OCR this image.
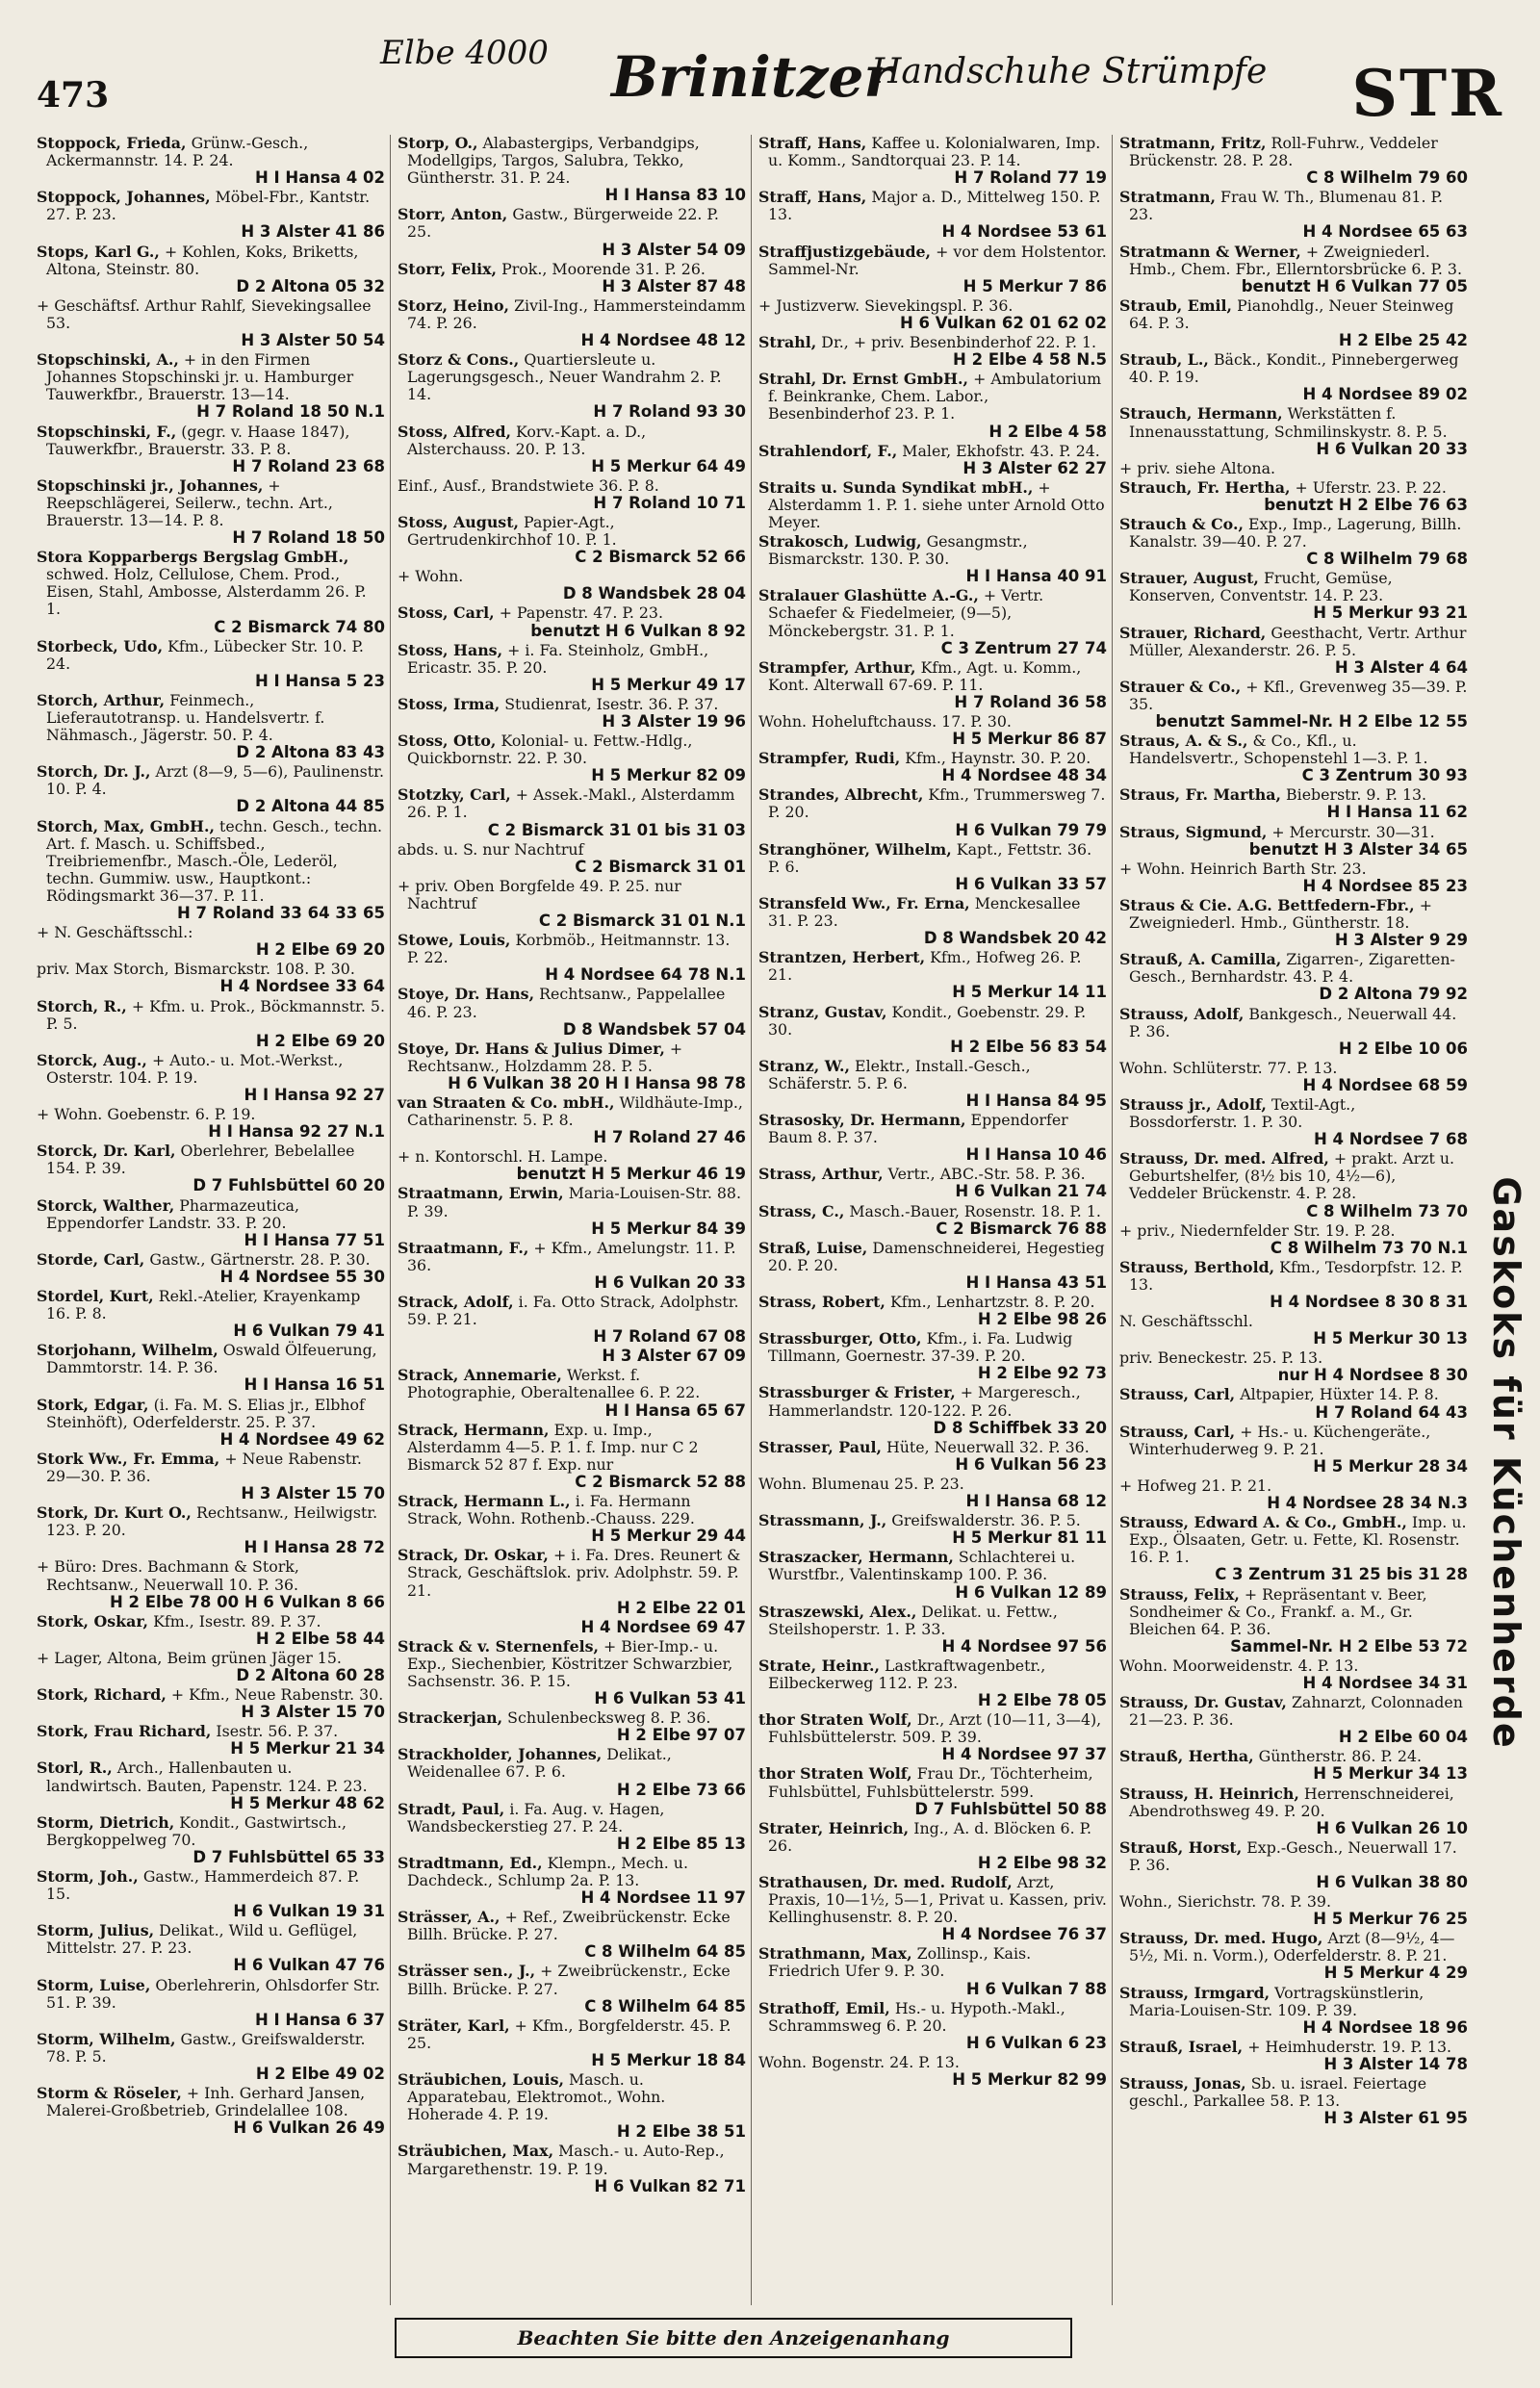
473
Elbe 4000 Brinitzer
Handschuhe Strümpfe STR
Stoppock, Frieda, Grünw.-Gesch., Ackermannstr. 14. P. 24.
H I Hansa 4 02
Stoppock, Johannes, Möbel-Fbr., Kantstr. 27. P. 23.
H 3 Alster 41 86
Stops, Karl G., + Kohlen, Koks, Briketts, Altona, Steinstr. 80.
D 2 Altona 05 32
+ Geschäftsf. Arthur Rahlf, Sievekingsallee 53.
H 3 Alster 50 54
Stopschinski, A., + in den Firmen Johannes Stopschinski jr. u. Hamburger Tauwerkfbr., Brauerstr. 13—14.
H 7 Roland 18 50 N.1
Stopschinski, F., (gegr. v. Haase 1847), Tauwerkfbr., Brauerstr. 33. P. 8.
H 7 Roland 23 68
Stopschinski jr., Johannes, + Reepschlägerei, Seilerw., techn. Art., Brauerstr. 13—14. P. 8.
H 7 Roland 18 50
Stora Kopparbergs Bergslag GmbH., schwed. Holz, Cellulose, Chem. Prod., Eisen, Stahl, Ambosse, Alsterdamm 26. P. 1.
C 2 Bismarck 74 80
Storbeck, Udo, Kfm., Lübecker Str. 10. P. 24.
H I Hansa 5 23
Storch, Arthur, Feinmech., Lieferautotransp. u. Handelsvertr. f. Nähmasch., Jägerstr. 50. P. 4.
D 2 Altona 83 43
Storch, Dr. J., Arzt (8—9, 5—6), Paulinenstr. 10. P. 4.
D 2 Altona 44 85
Storch, Max, GmbH., techn. Gesch., techn. Art. f. Masch. u. Schiffsbed., Treibriemenfbr., Masch.-Öle, Lederöl, techn. Gummiw. usw., Hauptkont.: Rödingsmarkt 36—37. P. 11.
H 7 Roland 33 64 33 65
+ N. Geschäftsschl.:
H 2 Elbe 69 20
priv. Max Storch, Bismarckstr. 108. P. 30.
H 4 Nordsee 33 64
Storch, R., + Kfm. u. Prok., Böckmannstr. 5. P. 5.
H 2 Elbe 69 20
Storck, Aug., + Auto.- u. Mot.-Werkst., Osterstr. 104. P. 19.
H I Hansa 92 27
+ Wohn. Goebenstr. 6. P. 19.
H I Hansa 92 27 N.1
Storck, Dr. Karl, Oberlehrer, Bebelallee 154. P. 39.
D 7 Fuhlsbüttel 60 20
Storck, Walther, Pharmazeutica, Eppendorfer Landstr. 33. P. 20.
H I Hansa 77 51
Storde, Carl, Gastw., Gärtnerstr. 28. P. 30.
H 4 Nordsee 55 30
Stordel, Kurt, Rekl.-Atelier, Krayenkamp 16. P. 8.
H 6 Vulkan 79 41
Storjohann, Wilhelm, Oswald Ölfeuerung, Dammtorstr. 14. P. 36.
H I Hansa 16 51
Stork, Edgar, (i. Fa. M. S. Elias jr., Elbhof Steinhöft), Oderfelderstr. 25. P. 37.
H 4 Nordsee 49 62
Stork Ww., Fr. Emma, + Neue Rabenstr. 29—30. P. 36.
H 3 Alster 15 70
Stork, Dr. Kurt O., Rechtsanw., Heilwigstr. 123. P. 20.
H I Hansa 28 72
+ Büro: Dres. Bachmann & Stork, Rechtsanw., Neuerwall 10. P. 36.
H 2 Elbe 78 00 H 6 Vulkan 8 66
Stork, Oskar, Kfm., Isestr. 89. P. 37.
H 2 Elbe 58 44
+ Lager, Altona, Beim grünen Jäger 15.
D 2 Altona 60 28
Stork, Richard, + Kfm., Neue Rabenstr. 30.
H 3 Alster 15 70
Stork, Frau Richard, Isestr. 56. P. 37.
H 5 Merkur 21 34
Storl, R., Arch., Hallenbauten u. landwirtsch. Bauten, Papenstr. 124. P. 23.
H 5 Merkur 48 62
Storm, Dietrich, Kondit., Gastwirtsch., Bergkoppelweg 70.
D 7 Fuhlsbüttel 65 33
Storm, Joh., Gastw., Hammerdeich 87. P. 15.
H 6 Vulkan 19 31
Storm, Julius, Delikat., Wild u. Geflügel, Mittelstr. 27. P. 23.
H 6 Vulkan 47 76
Storm, Luise, Oberlehrerin, Ohlsdorfer Str. 51. P. 39.
H I Hansa 6 37
Storm, Wilhelm, Gastw., Greifswalderstr. 78. P. 5.
H 2 Elbe 49 02
Storm & Röseler, + Inh. Gerhard Jansen, Malerei-Großbetrieb, Grindelallee 108.
H 6 Vulkan 26 49
Storp, O., Alabastergips, Verbandgips, Modellgips, Targos, Salubra, Tekko, Güntherstr. 31. P. 24.
H I Hansa 83 10
Storr, Anton, Gastw., Bürgerweide 22. P. 25.
H 3 Alster 54 09
Storr, Felix, Prok., Moorende 31. P. 26.
H 3 Alster 87 48
Storz, Heino, Zivil-Ing., Hammersteindamm 74. P. 26.
H 4 Nordsee 48 12
Storz & Cons., Quartiersleute u. Lagerungsgesch., Neuer Wandrahm 2. P. 14.
H 7 Roland 93 30
Stoss, Alfred, Korv.-Kapt. a. D., Alsterchauss. 20. P. 13.
H 5 Merkur 64 49
Einf., Ausf., Brandstwiete 36. P. 8.
H 7 Roland 10 71
Stoss, August, Papier-Agt., Gertrudenkirchhof 10. P. 1.
C 2 Bismarck 52 66
+ Wohn.
D 8 Wandsbek 28 04
Stoss, Carl, + Papenstr. 47. P. 23.
benutzt H 6 Vulkan 8 92
Stoss, Hans, + i. Fa. Steinholz, GmbH., Ericastr. 35. P. 20.
H 5 Merkur 49 17
Stoss, Irma, Studienrat, Isestr. 36. P. 37.
H 3 Alster 19 96
Stoss, Otto, Kolonial- u. Fettw.-Hdlg., Quickbornstr. 22. P. 30.
H 5 Merkur 82 09
Stotzky, Carl, + Assek.-Makl., Alsterdamm 26. P. 1.
C 2 Bismarck 31 01 bis 31 03
abds. u. S. nur Nachtruf
C 2 Bismarck 31 01
+ priv. Oben Borgfelde 49. P. 25. nur Nachtruf
C 2 Bismarck 31 01 N.1
Stowe, Louis, Korbmöb., Heitmannstr. 13. P. 22.
H 4 Nordsee 64 78 N.1
Stoye, Dr. Hans, Rechtsanw., Pappelallee 46. P. 23.
D 8 Wandsbek 57 04
Stoye, Dr. Hans & Julius Dimer, + Rechtsanw., Holzdamm 28. P. 5.
H 6 Vulkan 38 20 H I Hansa 98 78
van Straaten & Co. mbH., Wildhäute-Imp., Catharinenstr. 5. P. 8.
H 7 Roland 27 46
+ n. Kontorschl. H. Lampe.
benutzt H 5 Merkur 46 19
Straatmann, Erwin, Maria-Louisen-Str. 88. P. 39.
H 5 Merkur 84 39
Straatmann, F., + Kfm., Amelungstr. 11. P. 36.
H 6 Vulkan 20 33
Strack, Adolf, i. Fa. Otto Strack, Adolphstr. 59. P. 21.
H 7 Roland 67 08
H 3 Alster 67 09
Strack, Annemarie, Werkst. f. Photographie, Oberaltenallee 6. P. 22.
H I Hansa 65 67
Strack, Hermann, Exp. u. Imp., Alsterdamm 4—5. P. 1. f. Imp. nur C 2 Bismarck 52 87 f. Exp. nur
C 2 Bismarck 52 88
Strack, Hermann L., i. Fa. Hermann Strack, Wohn. Rothenb.-Chauss. 229.
H 5 Merkur 29 44
Strack, Dr. Oskar, + i. Fa. Dres. Reunert & Strack, Geschäftslok. priv. Adolphstr. 59. P. 21.
H 2 Elbe 22 01
H 4 Nordsee 69 47
Strack & v. Sternenfels, + Bier-Imp.- u. Exp., Siechenbier, Köstritzer Schwarzbier, Sachsenstr. 36. P. 15.
H 6 Vulkan 53 41
Strackerjan, Schulenbecksweg 8. P. 36.
H 2 Elbe 97 07
Strackholder, Johannes, Delikat., Weidenallee 67. P. 6.
H 2 Elbe 73 66
Stradt, Paul, i. Fa. Aug. v. Hagen, Wandsbeckerstieg 27. P. 24.
H 2 Elbe 85 13
Stradtmann, Ed., Klempn., Mech. u. Dachdeck., Schlump 2a. P. 13.
H 4 Nordsee 11 97
Strässer, A., + Ref., Zweibrückenstr. Ecke Billh. Brücke. P. 27.
C 8 Wilhelm 64 85
Strässer sen., J., + Zweibrückenstr., Ecke Billh. Brücke. P. 27.
C 8 Wilhelm 64 85
Sträter, Karl, + Kfm., Borgfelderstr. 45. P. 25.
H 5 Merkur 18 84
Sträubichen, Louis, Masch. u. Apparatebau, Elektromot., Wohn. Hoherade 4. P. 19.
H 2 Elbe 38 51
Sträubichen, Max, Masch.- u. Auto-Rep., Margarethenstr. 19. P. 19.
H 6 Vulkan 82 71
Straff, Hans, Kaffee u. Kolonialwaren, Imp. u. Komm., Sandtorquai 23. P. 14.
H 7 Roland 77 19
Straff, Hans, Major a. D., Mittelweg 150. P. 13.
H 4 Nordsee 53 61
Straffjustizgebäude, + vor dem Holstentor. Sammel-Nr.
H 5 Merkur 7 86
+ Justizverw. Sievekingspl. P. 36.
H 6 Vulkan 62 01 62 02
Strahl, Dr., + priv. Besenbinderhof 22. P. 1.
H 2 Elbe 4 58 N.5
Strahl, Dr. Ernst GmbH., + Ambulatorium f. Beinkranke, Chem. Labor., Besenbinderhof 23. P. 1.
H 2 Elbe 4 58
Strahlendorf, F., Maler, Ekhofstr. 43. P. 24.
H 3 Alster 62 27
Straits u. Sunda Syndikat mbH., + Alsterdamm 1. P. 1. siehe unter Arnold Otto Meyer.
Strakosch, Ludwig, Gesangmstr., Bismarckstr. 130. P. 30.
H I Hansa 40 91
Stralauer Glashütte A.-G., + Vertr. Schaefer & Fiedelmeier, (9—5), Mönckebergstr. 31. P. 1.
C 3 Zentrum 27 74
Strampfer, Arthur, Kfm., Agt. u. Komm., Kont. Alterwall 67-69. P. 11.
H 7 Roland 36 58
Wohn. Hoheluftchauss. 17. P. 30.
H 5 Merkur 86 87
Strampfer, Rudi, Kfm., Haynstr. 30. P. 20.
H 4 Nordsee 48 34
Strandes, Albrecht, Kfm., Trummersweg 7. P. 20.
H 6 Vulkan 79 79
Stranghöner, Wilhelm, Kapt., Fettstr. 36. P. 6.
H 6 Vulkan 33 57
Stransfeld Ww., Fr. Erna, Menckesallee 31. P. 23.
D 8 Wandsbek 20 42
Strantzen, Herbert, Kfm., Hofweg 26. P. 21.
H 5 Merkur 14 11
Stranz, Gustav, Kondit., Goebenstr. 29. P. 30.
H 2 Elbe 56 83 54
Stranz, W., Elektr., Install.-Gesch., Schäferstr. 5. P. 6.
H I Hansa 84 95
Strasosky, Dr. Hermann, Eppendorfer Baum 8. P. 37.
H I Hansa 10 46
Strass, Arthur, Vertr., ABC.-Str. 58. P. 36.
H 6 Vulkan 21 74
Strass, C., Masch.-Bauer, Rosenstr. 18. P. 1.
C 2 Bismarck 76 88
Straß, Luise, Damenschneiderei, Hegestieg 20. P. 20.
H I Hansa 43 51
Strass, Robert, Kfm., Lenhartzstr. 8. P. 20.
H 2 Elbe 98 26
Strassburger, Otto, Kfm., i. Fa. Ludwig Tillmann, Goernestr. 37-39. P. 20.
H 2 Elbe 92 73
Strassburger & Frister, + Margeresch., Hammerlandstr. 120-122. P. 26.
D 8 Schiffbek 33 20
Strasser, Paul, Hüte, Neuerwall 32. P. 36.
H 6 Vulkan 56 23
Wohn. Blumenau 25. P. 23.
H I Hansa 68 12
Strassmann, J., Greifswalderstr. 36. P. 5.
H 5 Merkur 81 11
Straszacker, Hermann, Schlachterei u. Wurstfbr., Valentinskamp 100. P. 36.
H 6 Vulkan 12 89
Straszewski, Alex., Delikat. u. Fettw., Steilshoperstr. 1. P. 33.
H 4 Nordsee 97 56
Strate, Heinr., Lastkraftwagenbetr., Eilbeckerweg 112. P. 23.
H 2 Elbe 78 05
thor Straten Wolf, Dr., Arzt (10—11, 3—4), Fuhlsbüttelerstr. 509. P. 39.
H 4 Nordsee 97 37
thor Straten Wolf, Frau Dr., Töchterheim, Fuhlsbüttel, Fuhlsbüttelerstr. 599.
D 7 Fuhlsbüttel 50 88
Strater, Heinrich, Ing., A. d. Blöcken 6. P. 26.
H 2 Elbe 98 32
Strathausen, Dr. med. Rudolf, Arzt, Praxis, 10—1½, 5—1, Privat u. Kassen, priv. Kellinghusenstr. 8. P. 20.
H 4 Nordsee 76 37
Strathmann, Max, Zollinsp., Kais. Friedrich Ufer 9. P. 30.
H 6 Vulkan 7 88
Strathoff, Emil, Hs.- u. Hypoth.-Makl., Schrammsweg 6. P. 20.
H 6 Vulkan 6 23
Wohn. Bogenstr. 24. P. 13.
H 5 Merkur 82 99
Stratmann, Fritz, Roll-Fuhrw., Veddeler Brückenstr. 28. P. 28.
C 8 Wilhelm 79 60
Stratmann, Frau W. Th., Blumenau 81. P. 23.
H 4 Nordsee 65 63
Stratmann & Werner, + Zweigniederl. Hmb., Chem. Fbr., Ellerntorsbrücke 6. P. 3.
benutzt H 6 Vulkan 77 05
Straub, Emil, Pianohdlg., Neuer Steinweg 64. P. 3.
H 2 Elbe 25 42
Straub, L., Bäck., Kondit., Pinnebergerweg 40. P. 19.
H 4 Nordsee 89 02
Strauch, Hermann, Werkstätten f. Innenausstattung, Schmilinskystr. 8. P. 5.
H 6 Vulkan 20 33
+ priv. siehe Altona.
Strauch, Fr. Hertha, + Uferstr. 23. P. 22.
benutzt H 2 Elbe 76 63
Strauch & Co., Exp., Imp., Lagerung, Billh. Kanalstr. 39—40. P. 27.
C 8 Wilhelm 79 68
Strauer, August, Frucht, Gemüse, Konserven, Conventstr. 14. P. 23.
H 5 Merkur 93 21
Strauer, Richard, Geesthacht, Vertr. Arthur Müller, Alexanderstr. 26. P. 5.
H 3 Alster 4 64
Strauer & Co., + Kfl., Grevenweg 35—39. P. 35.
benutzt Sammel-Nr. H 2 Elbe 12 55
Straus, A. & S., & Co., Kfl., u. Handelsvertr., Schopenstehl 1—3. P. 1.
C 3 Zentrum 30 93
Straus, Fr. Martha, Bieberstr. 9. P. 13.
H I Hansa 11 62
Straus, Sigmund, + Mercurstr. 30—31.
benutzt H 3 Alster 34 65
+ Wohn. Heinrich Barth Str. 23.
H 4 Nordsee 85 23
Straus & Cie. A.G. Bettfedern-Fbr., + Zweigniederl. Hmb., Güntherstr. 18.
H 3 Alster 9 29
Strauß, A. Camilla, Zigarren-, Zigaretten-Gesch., Bernhardstr. 43. P. 4.
D 2 Altona 79 92
Strauss, Adolf, Bankgesch., Neuerwall 44. P. 36.
H 2 Elbe 10 06
Wohn. Schlüterstr. 77. P. 13.
H 4 Nordsee 68 59
Strauss jr., Adolf, Textil-Agt., Bossdorferstr. 1. P. 30.
H 4 Nordsee 7 68
Strauss, Dr. med. Alfred, + prakt. Arzt u. Geburtshelfer, (8½ bis 10, 4½—6), Veddeler Brückenstr. 4. P. 28.
C 8 Wilhelm 73 70
+ priv., Niedernfelder Str. 19. P. 28.
C 8 Wilhelm 73 70 N.1
Strauss, Berthold, Kfm., Tesdorpfstr. 12. P. 13.
H 4 Nordsee 8 30 8 31
N. Geschäftsschl.
H 5 Merkur 30 13
priv. Beneckestr. 25. P. 13.
nur H 4 Nordsee 8 30
Strauss, Carl, Altpapier, Hüxter 14. P. 8.
H 7 Roland 64 43
Strauss, Carl, + Hs.- u. Küchengeräte., Winterhuderweg 9. P. 21.
H 5 Merkur 28 34
+ Hofweg 21. P. 21.
H 4 Nordsee 28 34 N.3
Strauss, Edward A. & Co., GmbH., Imp. u. Exp., Ölsaaten, Getr. u. Fette, Kl. Rosenstr. 16. P. 1.
C 3 Zentrum 31 25 bis 31 28
Strauss, Felix, + Repräsentant v. Beer, Sondheimer & Co., Frankf. a. M., Gr. Bleichen 64. P. 36.
Sammel-Nr. H 2 Elbe 53 72
Wohn. Moorweidenstr. 4. P. 13.
H 4 Nordsee 34 31
Strauss, Dr. Gustav, Zahnarzt, Colonnaden 21—23. P. 36.
H 2 Elbe 60 04
Strauß, Hertha, Güntherstr. 86. P. 24.
H 5 Merkur 34 13
Strauss, H. Heinrich, Herrenschneiderei, Abendrothsweg 49. P. 20.
H 6 Vulkan 26 10
Strauß, Horst, Exp.-Gesch., Neuerwall 17. P. 36.
H 6 Vulkan 38 80
Wohn., Sierichstr. 78. P. 39.
H 5 Merkur 76 25
Strauss, Dr. med. Hugo, Arzt (8—9½, 4—5½, Mi. n. Vorm.), Oderfelderstr. 8. P. 21.
H 5 Merkur 4 29
Strauss, Irmgard, Vortragskünstlerin, Maria-Louisen-Str. 109. P. 39.
H 4 Nordsee 18 96
Strauß, Israel, + Heimhuderstr. 19. P. 13.
H 3 Alster 14 78
Strauss, Jonas, Sb. u. israel. Feiertage geschl., Parkallee 58. P. 13.
H 3 Alster 61 95
Gaskoks für Küchenherde
Beachten Sie bitte den Anzeigenanhang
